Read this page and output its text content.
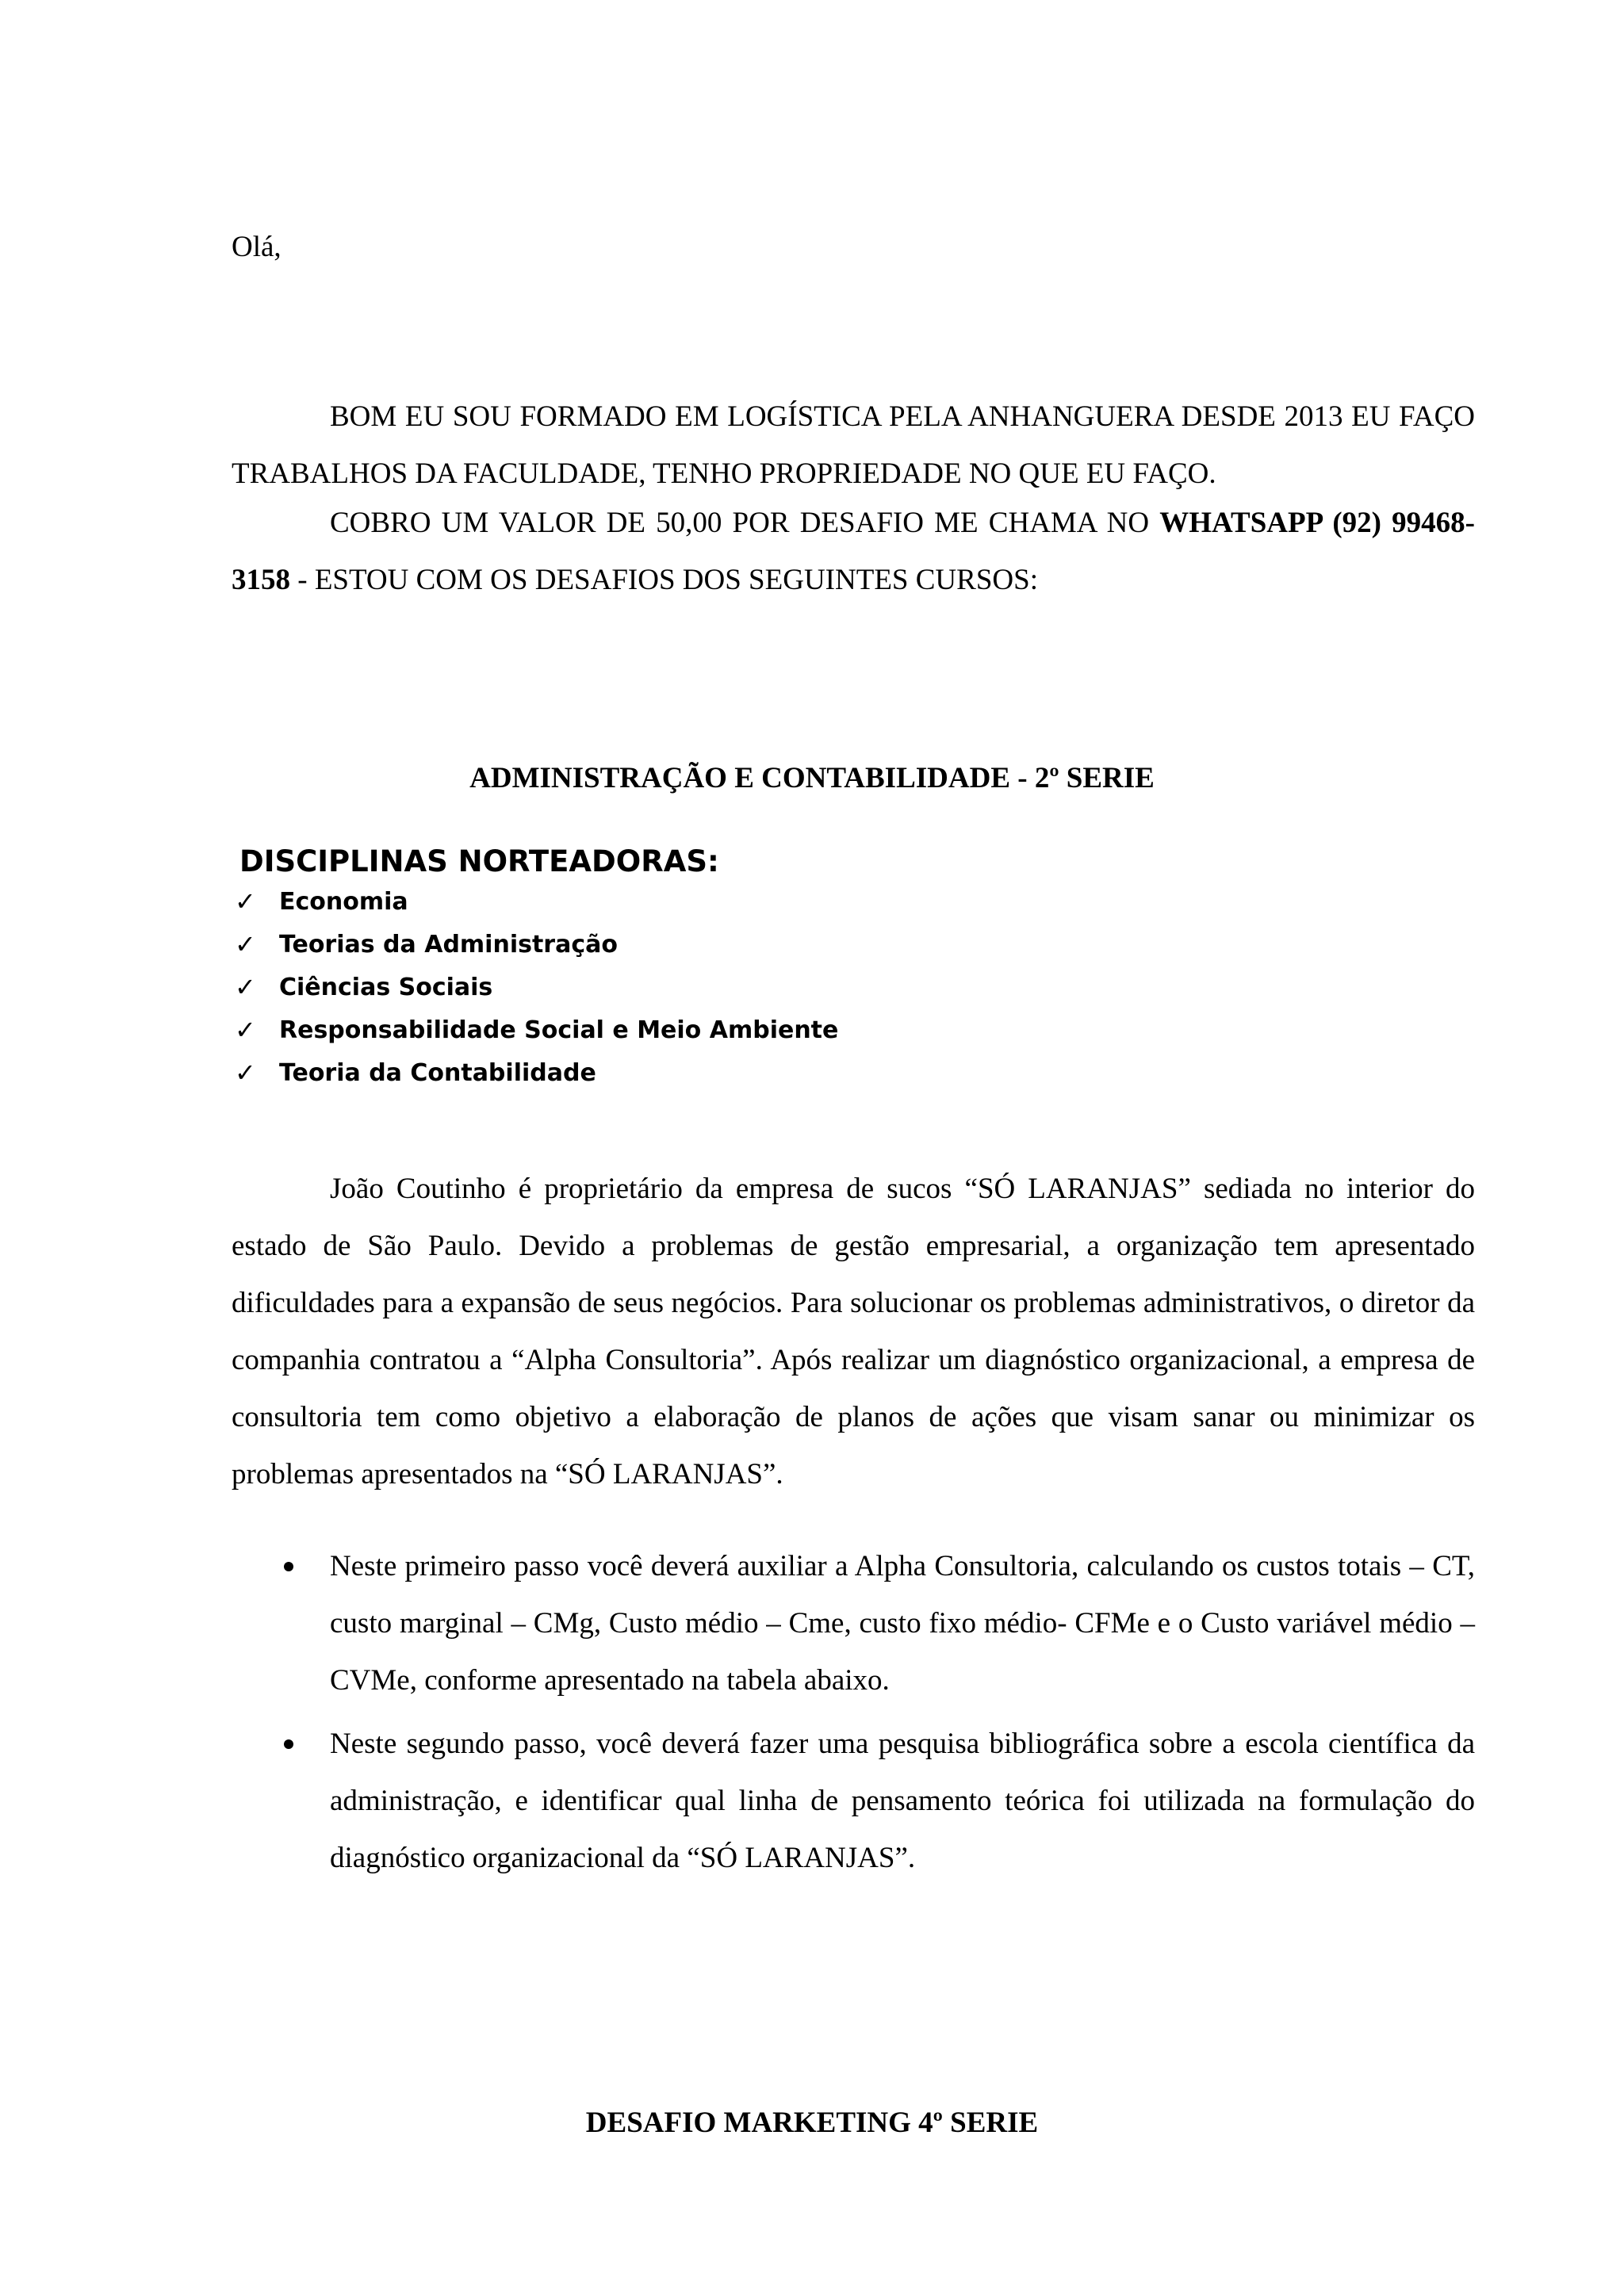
Olá,

BOM EU SOU FORMADO EM LOGÍSTICA PELA ANHANGUERA DESDE 2013 EU FAÇO TRABALHOS DA FACULDADE, TENHO PROPRIEDADE NO QUE EU FAÇO.

COBRO UM VALOR DE 50,00 POR DESAFIO ME CHAMA NO WHATSAPP (92) 99468-3158 - ESTOU COM OS DESAFIOS DOS SEGUINTES CURSOS:

ADMINISTRAÇÃO E CONTABILIDADE - 2º SERIE
DISCIPLINAS NORTEADORAS:
✓ Economia
✓ Teorias da Administração
✓ Ciências Sociais
✓ Responsabilidade Social e Meio Ambiente
✓ Teoria da Contabilidade

João Coutinho é proprietário da empresa de sucos “SÓ LARANJAS” sediada no interior do estado de São Paulo. Devido a problemas de gestão empresarial, a organização tem apresentado dificuldades para a expansão de seus negócios. Para solucionar os problemas administrativos, o diretor da companhia contratou a “Alpha Consultoria”. Após realizar um diagnóstico organizacional, a empresa de consultoria tem como objetivo a elaboração de planos de ações que visam sanar ou minimizar os problemas apresentados na “SÓ LARANJAS”.

Neste primeiro passo você deverá auxiliar a Alpha Consultoria, calculando os custos totais – CT, custo marginal – CMg, Custo médio – Cme, custo fixo médio- CFMe e o Custo variável médio – CVMe, conforme apresentado na tabela abaixo.
Neste segundo passo, você deverá fazer uma pesquisa bibliográfica sobre a escola científica da administração, e identificar qual linha de pensamento teórica foi utilizada na formulação do diagnóstico organizacional da “SÓ LARANJAS”.
DESAFIO MARKETING 4º SERIE
